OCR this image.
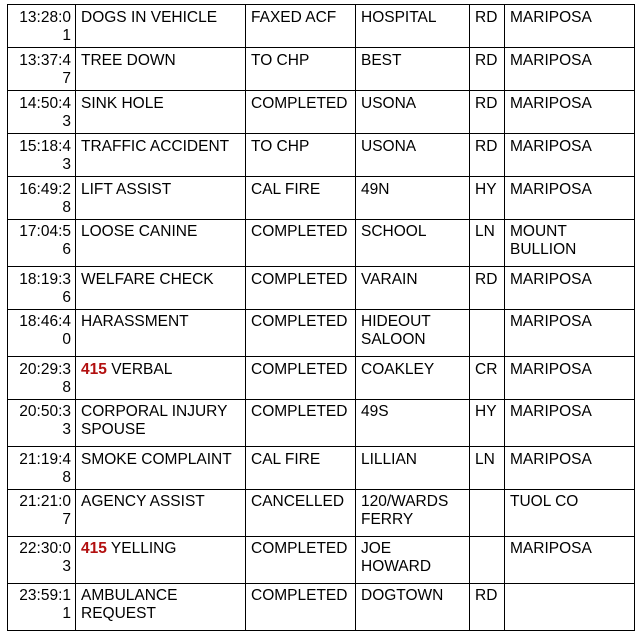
13:28:01	DOGS IN VEHICLE	FAXED ACF	HOSPITAL	RD	MARIPOSA
13:37:47	TREE DOWN	TO CHP	BEST	RD	MARIPOSA
14:50:43	SINK HOLE	COMPLETED	USONA	RD	MARIPOSA
15:18:43	TRAFFIC ACCIDENT	TO CHP	USONA	RD	MARIPOSA
16:49:28	LIFT ASSIST	CAL FIRE	49N	HY	MARIPOSA
17:04:56	LOOSE CANINE	COMPLETED	SCHOOL	LN	MOUNT BULLION
18:19:36	WELFARE CHECK	COMPLETED	VARAIN	RD	MARIPOSA
18:46:40	HARASSMENT	COMPLETED	HIDEOUT SALOON		MARIPOSA
20:29:38	415 VERBAL	COMPLETED	COAKLEY	CR	MARIPOSA
20:50:33	CORPORAL INJURY SPOUSE	COMPLETED	49S	HY	MARIPOSA
21:19:48	SMOKE COMPLAINT	CAL FIRE	LILLIAN	LN	MARIPOSA
21:21:07	AGENCY ASSIST	CANCELLED	120/WARDS FERRY		TUOL CO
22:30:03	415 YELLING	COMPLETED	JOE HOWARD		MARIPOSA
23:59:11	AMBULANCE REQUEST	COMPLETED	DOGTOWN	RD	
